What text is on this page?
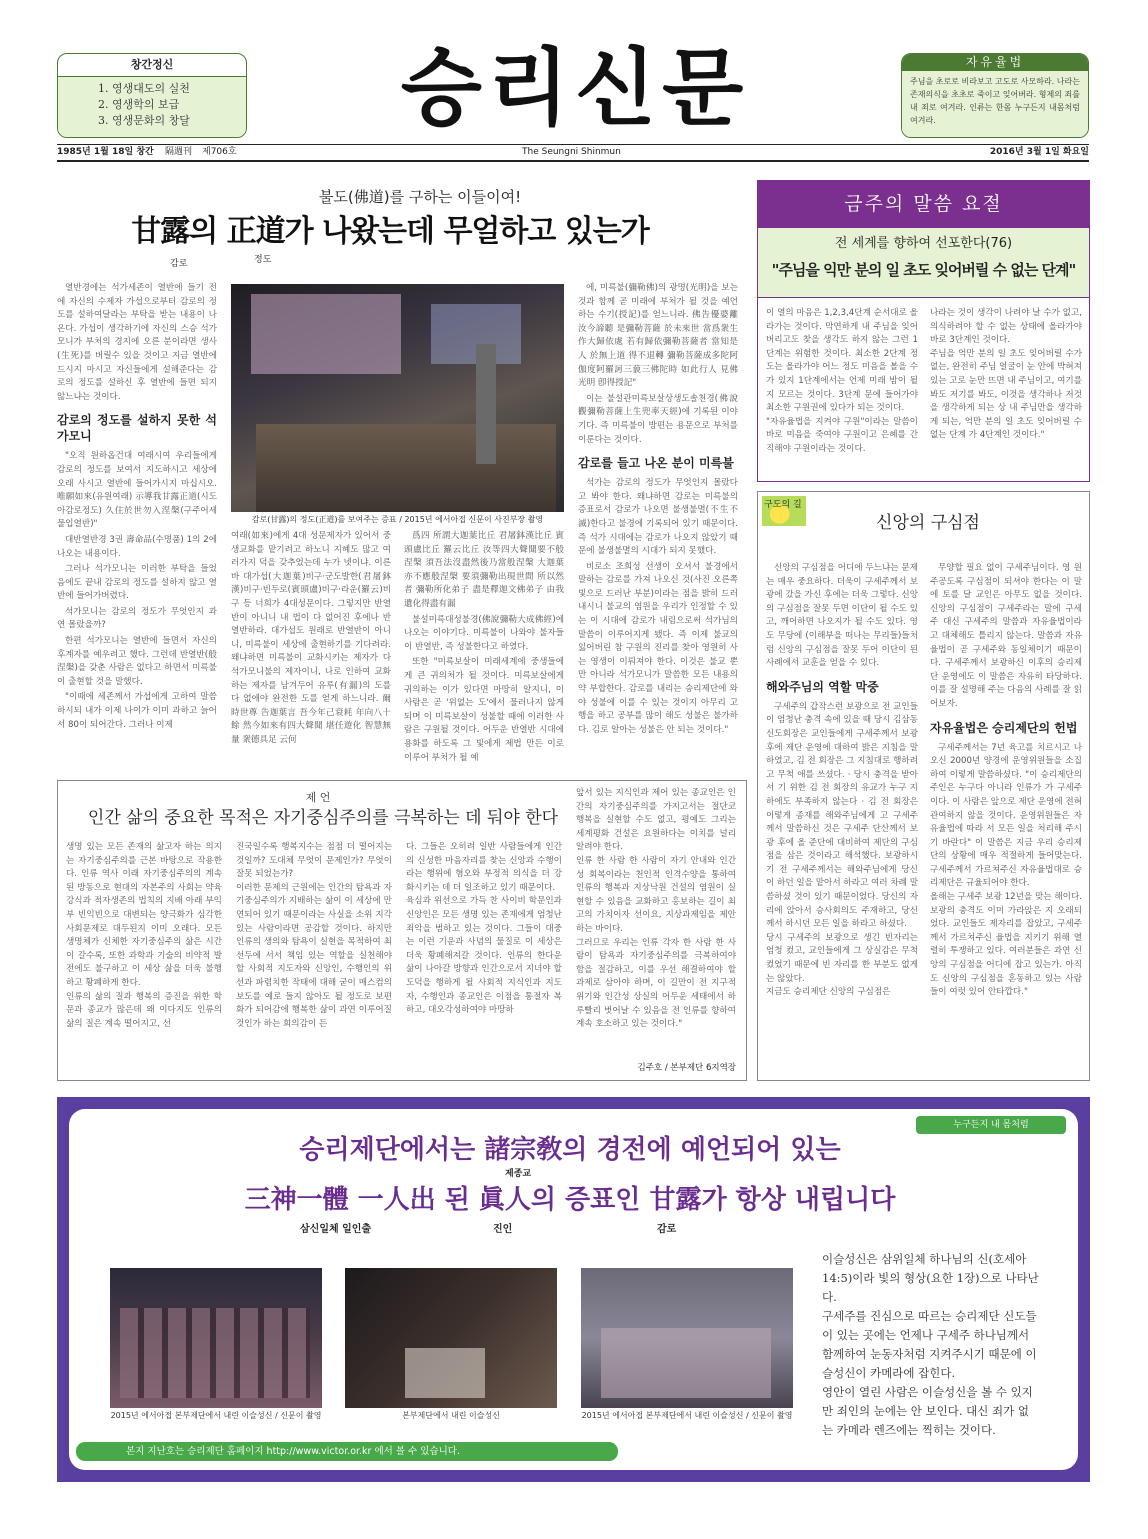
창간정신
1. 영생대도의 실천
2. 영생학의 보급
3. 영생문화의 창달	승리신문	자유율법
주님을 초로로 비라보고 고도로 사모하라. 나라는 존재의식을 초초로 죽이고 잊어버라. 형제의 죄를 내 죄로 여겨라. 인류는 한몸 누구든지 내몸처럼 여겨라.
1985년 1월 18일 창간 隔週刊 제706호	The Seungni Shinmun	2016년 3월 1일 화요일
불도(佛道)를 구하는 이들이여!
甘露의 正道가 나왔는데 무얼하고 있는가
감로	정도

열반경에는 석가세존이 열반에 들기 전에 자신의 수제자 가섭으로부터 감로의 정도를 설하여달라는 부탁을 받는 내용이 나온다. 가섭이 생각하기에 자신의 스승 석가모니가 부처의 경지에 오른 분이라면 생사(生死)를 버릴수 있을 것이고 지금 열반에 드시지 마시고 자신들에게 설해준다는 감로의 정도를 설하신 후 열반에 들면 되지 않느냐는 것이다.

감로의 정도를 설하지 못한 석가모니

"오직 원하옵건대 여래시여 우리들에게 감로의 정도를 보여서 지도하시고 세상에 오래 사시고 열반에 들어가시지 마십시오. 唯願如來(유원여래) 示導我甘露正道(시도아감로정도) 久住於世勿入涅槃(구주어세 물입열반)"

대반열반경 3권 壽命品(수명품) 1의 2에 나오는 내용이다.

그러나 석가모니는 이러한 부탁을 들었음에도 끝내 감로의 정도를 설하지 않고 열반에 들어가버렸다.

석가모니는 감로의 정도가 무엇인지 과연 몰랐을까?

한편 석가모니는 열반에 들면서 자신의 후계자를 예우려고 했다. 그런데 반열반(般涅槃)을 갖춘 사람은 없다고 하면서 미륵불이 출현할 것을 말했다.

"이때에 세존께서 가섭에게 고하여 말씀하시되 내가 이제 나이가 이미 과하고 늙어서 80이 되어간다. 그러나 이제

감로(甘露)의 정도(正道)를 보여주는 증표 / 2015년 에서아접 신문이 사진부장 촬영
여래(如來)에게 4대 성문제자가 있어서 중생교화를 맡기려고 하노니 지혜도 많고 여러가지 덕을 갖추었는데 누가 넷이냐. 이른바 대가섭(大迦葉)비구·군도발한(君屠鉢漢)비구·빈두로(賓頭盧)비구·라운(羅云)비구 등 너희가 4대성문이다. 그렇지만 반열반이 아니니 내 법이 다 없어진 후에나 반열반하라. 대가섭도 원래로 반열반이 아니니, 미륵불이 세상에 출현하기를 기다려라. 왜냐하면 미륵불이 교화시키는 제자가 다 석가모니불의 제자이니, 나로 인하여 교화하는 제자를 남겨두어 유루(有漏)의 도를 다 없애야 완전한 도를 얻게 하느니라. 爾時世尊 告迦葉言 吾今年己衰耗 年向八十餘 然今如來有四大聲聞 堪任遊化 智慧無量 衆德具足 云何

爲四 所謂大迦葉比丘 君屠鉢漢比丘 賓頭盧比丘 羅云比丘 汝等四大聲聞要不般涅槃 須吾法沒盡然後乃當般涅槃 大迦葉亦不應般涅槃 要須彌勒出現世間 所以然者 彌勒所化弟子 盡是釋迦文佛弟子 由我遺化得盡有漏

불설미륵대성불경(佛說彌勒大成佛經)에 나오는 이야기다. 미륵불이 나와야 불자들이 반열반, 즉 성불한다고 하였다.

또한 "미륵보살이 미래세계에 중생들에게 큰 귀의처가 될 것이다. 미륵보살에게 귀의하는 이가 있다면 마땅히 알지니, 이 사람은 곧 '위없는 도'에서 물러나지 않게 되며 이 미륵보살이 성불할 때에 이러한 사람은 구원될 것이다. 어두운 반열반 시대에 용화를 하도록 그 빛에게 제법 만든 이로 이루어 부처가 될 예

에, 미륵불(彌勒佛)의 광명(光明)을 보는 것과 함께 곧 미래에 부처가 될 것을 예언하는 수기(授記)를 얻느니라. 佛告優婆離 汝今諦聽 是彌勒菩薩 於未來世 當爲衆生 作大歸依處 若有歸依彌勒菩薩者 當知是人 於無上道 得不退轉 彌勒菩薩成多陀阿伽度阿羅訶三藐三佛陀時 如此行人 見佛光明 卽得授記"

이는 불설관미륵보살상생도솔천경(佛說觀彌勒菩薩上生兜率天經)에 기록된 이야기다. 즉 미륵불이 방편는 용문으로 부처를 이룬다는 것이다.

감로를 들고 나온 분이 미륵불

석가는 감로의 정도가 무엇인지 몰랐다고 봐야 한다. 왜냐하면 감로는 미륵불의 증표로서 감로가 나오면 불생불멸(不生不滅)한다고 불경에 기록되어 있기 때문이다. 즉 석가 시대에는 감로가 나오지 않았기 때문에 불생불멸의 시대가 되지 못했다.

비로소 조희성 선생이 오셔서 불경에서 말하는 감로를 가져 나오신 것(사진 오른쪽 빛으로 드러난 부분)이라는 점을 밝히 드러내시니 불교의 염원을 우리가 인정할 수 있는 이 시대에 감로가 내림으로써 석가님의 말씀이 이루어지게 됐다. 즉 이제 불교의 잃어버린 참 구원의 진리를 찾아 영원히 사는 영생이 이뤄져야 한다. 이것은 불교 뿐만 아니라 석가모니가 말씀한 모든 내용의 약 부합한다. 감로를 내리는 승리제단에 와야 성불에 이를 수 있는 것이지 아무리 고행을 하고 공부를 많이 해도 성불은 불가하다. 김로 알아는 성불은 안 되는 것이다."

금주의 말씀 요절
전 세계를 향하여 선포한다(76)
"주님을 익만 분의 일 초도 잊어버릴 수 없는 단계"
이 열의 마음은 1,2,3,4단계 순서대로 올라가는 것이다. 막연하게 내 주님을 잊어버리고도 찾을 생각도 하지 않는 그런 1단계는 위험한 것이다. 최소한 2단계 정도는 올라가야 어느 정도 미음을 볼을 수가 있지 1단계에서는 언제 미래 밤이 될지 모르는 것이다. 3단계 문에 들어가야 최소한 구원권에 있다가 되는 것이다.
"자유율법을 지켜야 구원"이라는 말씀이 바로 미음을 죽여야 구원이고 은혜를 간직해야 구원이라는 것이다.
나라는 것이 생각이 나려야 날 수가 없고, 의식하려야 할 수 없는 상태에 올라가야 바로 3단계인 것이다.
주님을 억만 분의 일 초도 잊어버릴 수가 없는, 완전히 주님 얼굴이 눈 안에 박혀져 있는 고로 눈만 뜨면 내 주님이고, 여기를 봐도 저기를 봐도, 이것을 생각하나 저것을 생각하게 되는 상 내 주님만을 생각하게 되는, 억만 분의 일 초도 잊어버릴 수 없는 단계 가 4단계인 것이다."
구도의 길
신앙의 구심점

신앙의 구심점을 어디에 두느냐는 문제는 매우 중요하다. 더욱이 구세주께서 보광에 갔을 가신 후에는 더욱 그렇다. 신앙의 구심점을 잘못 두면 이단이 될 수도 있고, 깨어하면 나오지가 될 수도 있다. 영도 무당에 (이해부을 떠나는 무리들)들처럼 신앙의 구심점을 잘못 두어 이단이 된 사례에서 교훈을 얻을 수 있다.

해와주님의 역할 막중

구세주의 갑작스런 보광으로 전 교인들이 엄청난 충격 속에 있을 때 당시 김삼동 신도회장은 교인들에게 구세주께서 보광 후에 제단 운영에 대하여 밝은 지침을 말하였고, 김 전 회장은 그 지침대로 행하려고 무척 애를 쓰셨다. · 당시 충격을 받아서 기 위한 김 전 회장의 유교가 누구 지하에도 부족하지 않는다 · 김 전 회장은 이렇게 종재를 해와주님에게 고 구세주께서 말씀하신 것은 구세주 단산께서 보광 후에 올 준단에 대비하여 제단의 구심점을 삼은 것이라고 해석했다. 보광하시기 전 구세주께서는 해와주님에게 당신이 하던 일을 맡아서 하라고 여러 차례 말씀하셨 것이 있기 때문이었다. 당신의 자리에 앉아서 승사회의도 주재하고, 당신께서 하시던 모든 일을 하라고 하셨다.
당시 구세주의 보광으로 생긴 빈자리는 엄청 컸고, 교인들에게 그 상실감은 무척 컸었기 때문에 빈 자리를 한 부분도 없게는 않았다.
지금도 승리제단 신앙의 구심점은

무양할 필요 없이 구세주님이다. 영 원주공도록 구심점이 되셔야 한다는 이 말에 토를 달 교인은 아무도 없을 것이다. 신앙의 구심점이 구세주라는 말에 구세주 대신 구세주의 말씀과 자유율법이라고 대체해도 틀리지 않는다. 말씀과 자유율법이 곧 구세주와 동일체이기 때문이다. 구세주께서 보광하신 이후의 승리제단 운영에도 이 말씀은 자유히 타당하다. 이를 잘 설명해 주는 다음의 사례를 잘 읽어보자.

자유율법은 승리제단의 헌법

구세주께서는 7년 육고를 치르시고 나오신 2000년 양경에 운영위원들을 소집하여 이렇게 말씀하셨다. "이 승리제단의 주인은 누구다 아니라 인류가 가 구세주이다. 이 사람은 앞으로 제단 운영에 전혀 관여하지 않을 것이다. 운영위원들은 자유율법에 따라 서 모든 일을 처리해 주시기 바란다" 이 말씀은 지금 우리 승리제단의 상황에 매우 적절하게 들어맞는다. 구세주께서 가르쳐주신 자유율법대로 승리제단은 규율되어야 한다.
올해는 구세주 보광 12년을 맞는 해이다. 보광의 충격도 이미 가라앉은 지 오래되었다. 교인들도 제자리를 잡았고, 구세주께서 가르쳐주신 율법을 지키기 위해 열렬히 투쟁하고 있다. 여러분들은 과연 신앙의 구심점을 어디에 잡고 있는가. 아직도 신앙의 구심점을 혼동하고 있는 사람들이 여럿 있어 안타깝다."

제 언
인간 삶의 중요한 목적은 자기중심주의를 극복하는 데 둬야 한다
생명 있는 모든 존재의 삶고자 하는 의지는 자기중심주의를 근본 바탕으로 작용한다. 인류 역사 이래 자기중심주의의 계속된 방동으로 현대의 자본주의 사회는 약육강식과 적자생존의 법칙의 지배 아래 부익부 빈익빈으로 대변되는 양극화가 심각한 사회문제로 대두된지 이미 오래다. 모든 생명체가 신체한 자기중심주의 삶은 시간이 갈수록, 또한 과학과 기술의 비약적 발전에도 불구하고 이 세상 삶을 더욱 불행하고 황폐하게 한다.
인류의 삶의 질과 행복의 증진을 위한 학문과 종교가 많은데 왜 이다지도 인류의 삶의 질은 계속 떨어지고, 선
진국일수록 행복지수는 점점 더 떨어지는 것일까? 도대체 무엇이 문제인가? 무엇이 잘못 되었는가?
이러한 문제의 근원에는 인간의 탐욕과 자기중심주의가 지배하는 삶이 이 세상에 만연되어 있기 때문이라는 사실을 소위 지각 있는 사람이라면 공감할 것이다. 하지만 인류의 생의와 탐욕이 실현을 목적하여 최선두에 서서 책임 있는 역할을 실천해야 할 사회적 지도자와 신앙인, 수행인의 위선과 파렴치한 작태에 대해 굳이 매스컴의 보도를 예로 들지 않아도 될 정도로 보편화가 되어감에 행복한 삶이 과연 이루어질 것인가 하는 회의감이 든
다. 그들은 오히려 일반 사람들에게 인간의 신성한 마음자리를 찾는 신앙과 수행이라는 행위에 혐오와 부정적 의식을 더 강화시키는 데 더 일조하고 있기 때문이다.
육심과 위선으로 가득 찬 사이비 학문인과 신앙인은 모든 생명 있는 존재에게 엄청난 죄악을 범하고 있는 것이다. 그들이 대중는 이런 기운과 사념의 물질로 이 세상은 더욱 황폐해져갈 것이다. 인류의 한다운 삶이 나아갈 방향과 인간으로서 지녀야 할 도덕을 행하게 될 사회적 지식인과 지도자, 수행인과 종교인은 이점을 통절자 복하고, 대오각성하여야 마땅하
앞서 있는 지식인과 제어 있는 종교인은 인간의 자기중심주의를 가지고서는 절단코 행복을 실현할 수도 없고, 평예도 그리는 세계평화 건설은 요원하다는 이치를 널리 알려야 한다.
인류 한 사람 한 사람이 자기 안내와 인간성 회복이라는 천인적 인격수양을 통하여 인류의 행복과 지상낙원 건설의 염원이 실현할 수 있음을 교화하고 홍보하는 길이 최고의 가치이자 선이요, 지상과제임을 제안하는 바이다.
그러므로 우리는 인류 각자 한 사람 한 사람이 탐욕과 자기중심주의를 극복하여야 함을 절감하고, 이를 우선 해결하여야 할 과제로 삼아야 하며, 이 길만이 전 지구적 위기와 인간성 상실의 어두운 세태에서 하루빨리 벗어날 수 있음을 전 인류를 향하여 계속 호소하고 있는 것이다."
김주호 / 본부제단 6지역장
누구든지 내 몸처럼
승리제단에서는 諸宗敎의 경전에 예언되어 있는
제종교
三神一體 一人出 된 眞人의 증표인 甘露가 항상 내립니다
삼신일체 일인출	진인	감로
2015년 에서아접 본부제단에서 내린 이슬성신 / 신문이 촬영	본부제단에서 내린 이슬성신	2015년 에서아접 본부제단에서 내린 이슬성신 / 신문이 촬영
이슬성신은 삼위일체 하나님의 신(호세아 14:5)이라 빛의 형상(요한 1장)으로 나타난다.
구세주를 진심으로 따르는 승리제단 신도들이 있는 곳에는 언제나 구세주 하나님께서 함께하여 눈동자처럼 지켜주시기 때문에 이슬성신이 카메라에 잡힌다.
영안이 열린 사람은 이슬성신을 볼 수 있지만 죄인의 눈에는 안 보인다. 대신 죄가 없는 카메라 렌즈에는 찍히는 것이다.
본지 지난호는 승리제단 홈페이지 http://www.victor.or.kr 에서 볼 수 있습니다.
